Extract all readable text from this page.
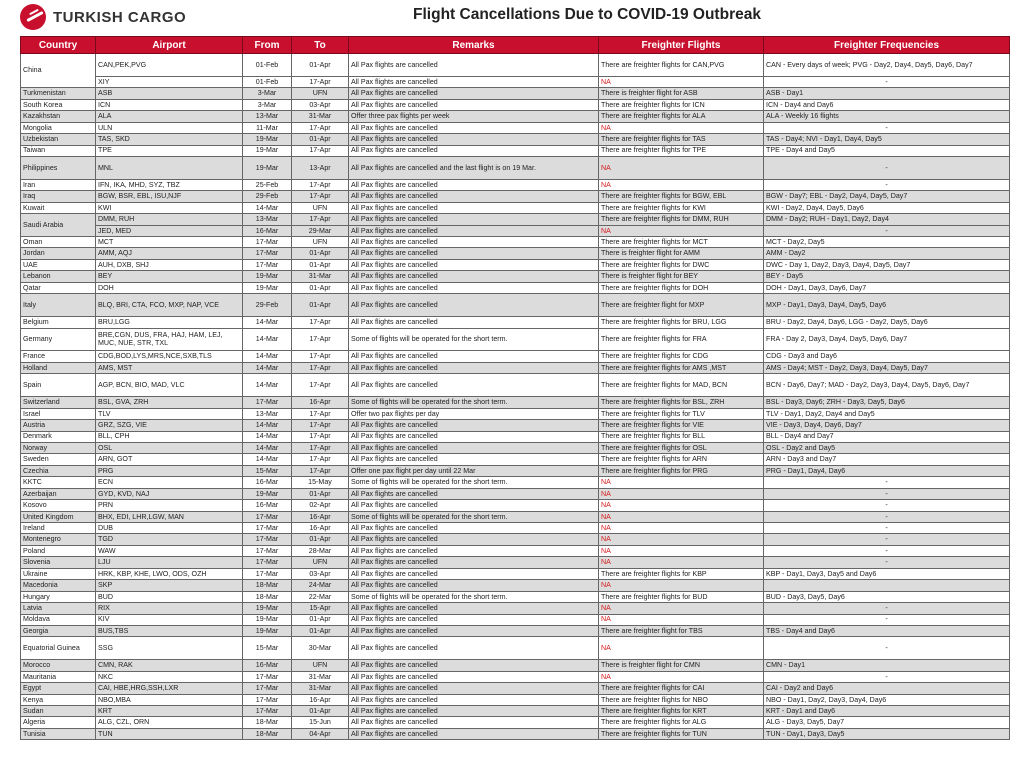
TURKISH CARGO	Flight Cancellations Due to COVID-19 Outbreak
Country	Airport	From	To	Remarks	Freighter Flights	Freighter Frequencies
China	CAN,PEK,PVG	01-Feb	01-Apr	All Pax flights are cancelled	There are freighter flights for CAN,PVG	CAN - Every days of week; PVG - Day2, Day4, Day5, Day6, Day7
	XIY	01-Feb	17-Apr	All Pax flights are cancelled	NA	-
Turkmenistan	ASB	3-Mar	UFN	All Pax flights are cancelled	There is freighter flight for ASB	ASB - Day1
South Korea	ICN	3-Mar	03-Apr	All Pax flights are cancelled	There are freighter flights for ICN	ICN - Day4 and Day6
Kazakhstan	ALA	13-Mar	31-Mar	Offer three pax flights per week	There are freighter flights for ALA	ALA - Weekly 16 flights
Mongolia	ULN	11-Mar	17-Apr	All Pax flights are cancelled	NA	-
Uzbekistan	TAS, SKD	19-Mar	01-Apr	All Pax flights are cancelled	There are freighter flights for TAS	TAS - Day4; NVI - Day1, Day4, Day5
Taiwan	TPE	19-Mar	17-Apr	All Pax flights are cancelled	There are freighter flights for TPE	TPE - Day4 and Day5
Philippines	MNL	19-Mar	13-Apr	All Pax flights are cancelled and the last flight is on 19 Mar.	NA	-
Iran	IFN, IKA, MHD, SYZ, TBZ	25-Feb	17-Apr	All Pax flights are cancelled	NA	-
Iraq	BGW, BSR, EBL, ISU,NJF	29-Feb	17-Apr	All Pax flights are cancelled	There are freighter flights for BGW, EBL	BGW - Day7; EBL - Day2, Day4, Day5, Day7
Kuwait	KWI	14-Mar	UFN	All Pax flights are cancelled	There are freighter flights for KWI	KWI - Day2, Day4, Day5, Day6
Saudi Arabia	DMM, RUH	13-Mar	17-Apr	All Pax flights are cancelled	There are freighter flights for DMM, RUH	DMM - Day2; RUH - Day1, Day2, Day4
	JED, MED	16-Mar	29-Mar	All Pax flights are cancelled	NA	-
Oman	MCT	17-Mar	UFN	All Pax flights are cancelled	There are freighter flights for MCT	MCT - Day2, Day5
Jordan	AMM, AQJ	17-Mar	01-Apr	All Pax flights are cancelled	There is freighter flight for AMM	AMM - Day2
UAE	AUH, DXB, SHJ	17-Mar	01-Apr	All Pax flights are cancelled	There are freighter flights for DWC	DWC - Day 1, Day2, Day3, Day4, Day5, Day7
Lebanon	BEY	19-Mar	31-Mar	All Pax flights are cancelled	There is freighter flight for BEY	BEY - Day5
Qatar	DOH	19-Mar	01-Apr	All Pax flights are cancelled	There are freighter flights for DOH	DOH - Day1, Day3, Day6, Day7
Italy	BLQ, BRI, CTA, FCO, MXP, NAP, VCE	29-Feb	01-Apr	All Pax flights are cancelled	There are freighter flight for MXP	MXP - Day1, Day3, Day4, Day5, Day6
Belgium	BRU,LGG	14-Mar	17-Apr	All Pax flights are cancelled	There are freighter flights for BRU, LGG	BRU - Day2, Day4, Day6, LGG - Day2, Day5, Day6
Germany	BRE,CGN, DUS, FRA, HAJ, HAM, LEJ, MUC, NUE, STR, TXL	14-Mar	17-Apr	Some of flights will be operated for the short term.	There are freighter flights for FRA	FRA - Day 2, Day3, Day4, Day5, Day6, Day7
France	CDG,BOD,LYS,MRS,NCE,SXB,TLS	14-Mar	17-Apr	All Pax flights are cancelled	There are freighter flights for CDG	CDG - Day3 and Day6
Holland	AMS, MST	14-Mar	17-Apr	All Pax flights are cancelled	There are freighter flights for AMS ,MST	AMS - Day4; MST - Day2, Day3, Day4, Day5, Day7
Spain	AGP, BCN, BIO, MAD, VLC	14-Mar	17-Apr	All Pax flights are cancelled	There are freighter flights for MAD, BCN	BCN - Day6, Day7; MAD - Day2, Day3, Day4, Day5, Day6, Day7
Switzerland	BSL, GVA, ZRH	17-Mar	16-Apr	Some of flights will be operated for the short term.	There are freighter flights for BSL, ZRH	BSL - Day3, Day6; ZRH - Day3, Day5, Day6
Israel	TLV	13-Mar	17-Apr	Offer two pax flights per day	There are freighter flights for TLV	TLV - Day1, Day2, Day4 and Day5
Austria	GRZ, SZG, VIE	14-Mar	17-Apr	All Pax flights are cancelled	There are freighter flights for VIE	VIE - Day3, Day4, Day6, Day7
Denmark	BLL, CPH	14-Mar	17-Apr	All Pax flights are cancelled	There are freighter flights for BLL	BLL - Day4 and Day7
Norway	OSL	14-Mar	17-Apr	All Pax flights are cancelled	There are freighter flights for OSL	OSL - Day2 and Day5
Sweden	ARN, GOT	14-Mar	17-Apr	All Pax flights are cancelled	There are freighter flights for ARN	ARN - Day3 and Day7
Czechia	PRG	15-Mar	17-Apr	Offer one pax flight per day until 22 Mar	There are freighter flights for PRG	PRG - Day1, Day4, Day6
KKTC	ECN	16-Mar	15-May	Some of flights will be operated for the short term.	NA	-
Azerbaijan	GYD, KVD, NAJ	19-Mar	01-Apr	All Pax flights are cancelled	NA	-
Kosovo	PRN	16-Mar	02-Apr	All Pax flights are cancelled	NA	-
United Kingdom	BHX, EDI, LHR,LGW, MAN	17-Mar	16-Apr	Some of flights will be operated for the short term.	NA	-
Ireland	DUB	17-Mar	16-Apr	All Pax flights are cancelled	NA	-
Montenegro	TGD	17-Mar	01-Apr	All Pax flights are cancelled	NA	-
Poland	WAW	17-Mar	28-Mar	All Pax flights are cancelled	NA	-
Slovenia	LJU	17-Mar	UFN	All Pax flights are cancelled	NA	-
Ukraine	HRK, KBP, KHE, LWO, ODS, OZH	17-Mar	03-Apr	All Pax flights are cancelled	There are freighter flights for KBP	KBP - Day1, Day3, Day5 and Day6
Macedonia	SKP	18-Mar	24-Mar	All Pax flights are cancelled	NA	
Hungary	BUD	18-Mar	22-Mar	Some of flights will be operated for the short term.	There are freighter flights for BUD	BUD - Day3, Day5, Day6
Latvia	RIX	19-Mar	15-Apr	All Pax flights are cancelled	NA	-
Moldava	KIV	19-Mar	01-Apr	All Pax flights are cancelled	NA	-
Georgia	BUS,TBS	19-Mar	01-Apr	All Pax flights are cancelled	There are freighter flight for TBS	TBS - Day4 and Day6
Equatorial Guinea	SSG	15-Mar	30-Mar	All Pax flights are cancelled	NA	-
Morocco	CMN, RAK	16-Mar	UFN	All Pax flights are cancelled	There is freighter flight for CMN	CMN - Day1
Mauritania	NKC	17-Mar	31-Mar	All Pax flights are cancelled	NA	-
Egypt	CAI, HBE,HRG,SSH,LXR	17-Mar	31-Mar	All Pax flights are cancelled	There are freighter flights for CAI	CAI - Day2 and Day6
Kenya	NBO,MBA	17-Mar	16-Apr	All Pax flights are cancelled	There are freighter flights for NBO	NBO - Day1, Day2, Day3, Day4, Day6
Sudan	KRT	17-Mar	01-Apr	All Pax flights are cancelled	There are freighter flights for KRT	KRT - Day1 and Day6
Algeria	ALG, CZL, ORN	18-Mar	15-Jun	All Pax flights are cancelled	There are freighter flights for ALG	ALG - Day3, Day5, Day7
Tunisia	TUN	18-Mar	04-Apr	All Pax flights are cancelled	There are freighter flights for TUN	TUN - Day1, Day3, Day5
